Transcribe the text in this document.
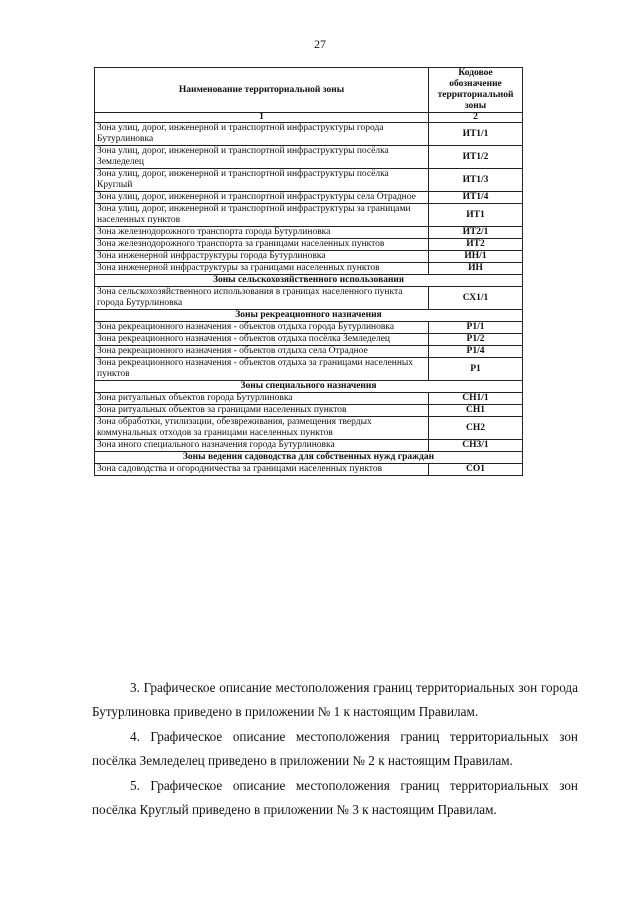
27
Наименование территориальной зоны	Кодовое обозначение территориальной зоны
1	2
Зона улиц, дорог, инженерной и транспортной инфраструктуры города Бутурлиновка	ИТ1/1
Зона улиц, дорог, инженерной и транспортной инфраструктуры посёлка Земледелец	ИТ1/2
Зона улиц, дорог, инженерной и транспортной инфраструктуры посёлка Круглый	ИТ1/3
Зона улиц, дорог, инженерной и транспортной инфраструктуры села Отрадное	ИТ1/4
Зона улиц, дорог, инженерной и транспортной инфраструктуры за границами населенных пунктов	ИТ1
Зона железнодорожного транспорта города Бутурлиновка	ИТ2/1
Зона железнодорожного транспорта за границами населенных пунктов	ИТ2
Зона инженерной инфраструктуры города Бутурлиновка	ИН/1
Зона инженерной инфраструктуры за границами населенных пунктов	ИН
Зоны сельскохозяйственного использования	
Зона сельскохозяйственного использования в границах населенного пункта города Бутурлиновка	СХ1/1
Зоны рекреационного назначения	
Зона рекреационного назначения - объектов отдыха города Бутурлиновка	Р1/1
Зона рекреационного назначения - объектов отдыха посёлка Земледелец	Р1/2
Зона рекреационного назначения - объектов отдыха села Отрадное	Р1/4
Зона рекреационного назначения - объектов отдыха за границами населенных пунктов	Р1
Зоны специального назначения	
Зона ритуальных объектов города Бутурлиновка	СН1/1
Зона ритуальных объектов за границами населенных пунктов	СН1
Зона обработки, утилизации, обезвреживания, размещения твердых коммунальных отходов за границами населенных пунктов	СН2
Зона иного специального назначения города Бутурлиновка	СН3/1
Зоны ведения садоводства для собственных нужд граждан	
Зона садоводства и огородничества за границами населенных пунктов	СО1

3. Графическое описание местоположения границ территориальных зон города Бутурлиновка приведено в приложении № 1 к настоящим Правилам.

4. Графическое описание местоположения границ территориальных зон посёлка Земледелец приведено в приложении № 2 к настоящим Правилам.

5. Графическое описание местоположения границ территориальных зон посёлка Круглый приведено в приложении № 3 к настоящим Правилам.
